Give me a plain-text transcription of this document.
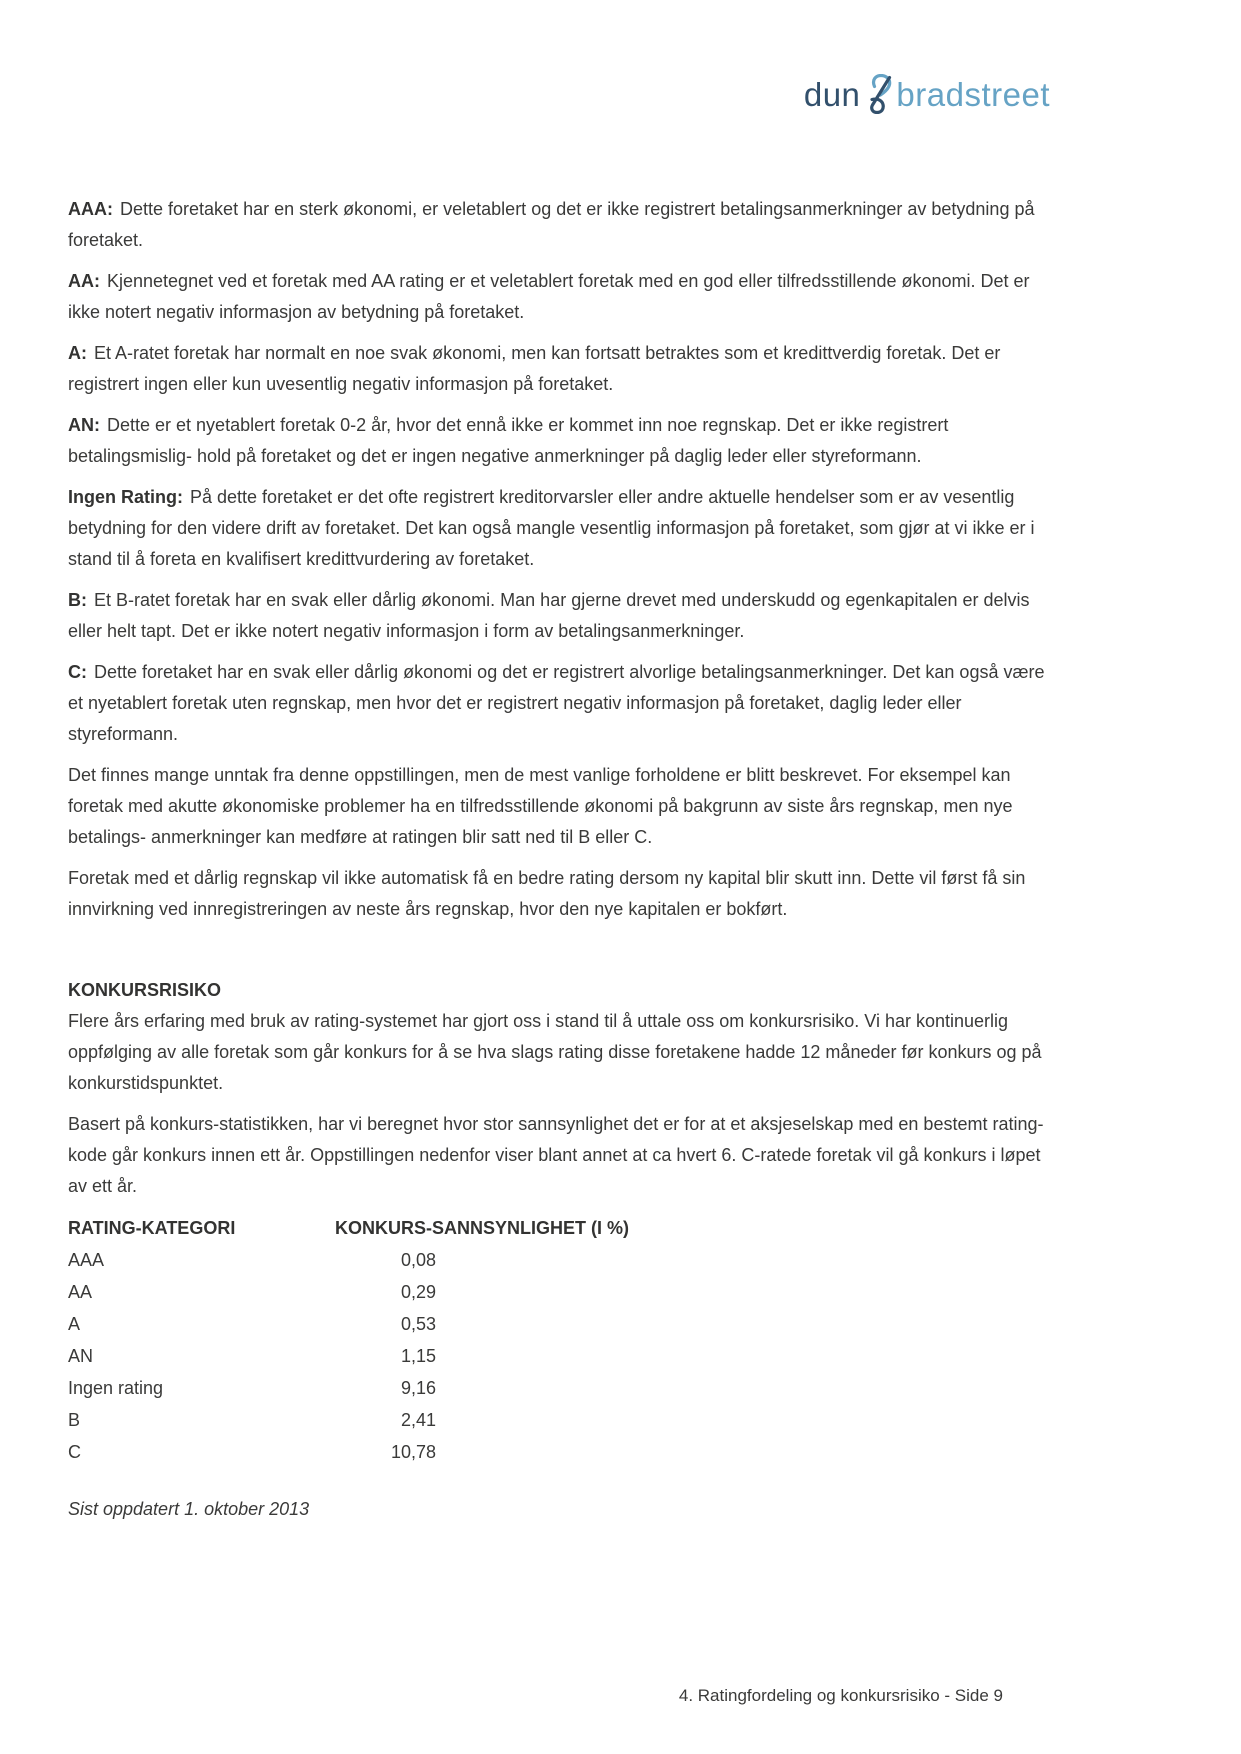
dun bradstreet

AAA: Dette foretaket har en sterk økonomi, er veletablert og det er ikke registrert betalingsanmerkninger av betydning på foretaket.

AA: Kjennetegnet ved et foretak med AA rating er et veletablert foretak med en god eller tilfredsstillende økonomi. Det er ikke notert negativ informasjon av betydning på foretaket.

A: Et A-ratet foretak har normalt en noe svak økonomi, men kan fortsatt betraktes som et kredittverdig foretak. Det er registrert ingen eller kun uvesentlig negativ informasjon på foretaket.

AN: Dette er et nyetablert foretak 0-2 år, hvor det ennå ikke er kommet inn noe regnskap. Det er ikke registrert betalingsmislig- hold på foretaket og det er ingen negative anmerkninger på daglig leder eller styreformann.

Ingen Rating: På dette foretaket er det ofte registrert kreditorvarsler eller andre aktuelle hendelser som er av vesentlig betydning for den videre drift av foretaket. Det kan også mangle vesentlig informasjon på foretaket, som gjør at vi ikke er i stand til å foreta en kvalifisert kredittvurdering av foretaket.

B: Et B-ratet foretak har en svak eller dårlig økonomi. Man har gjerne drevet med underskudd og egenkapitalen er delvis eller helt tapt. Det er ikke notert negativ informasjon i form av betalingsanmerkninger.

C: Dette foretaket har en svak eller dårlig økonomi og det er registrert alvorlige betalingsanmerkninger. Det kan også være et nyetablert foretak uten regnskap, men hvor det er registrert negativ informasjon på foretaket, daglig leder eller styreformann.

Det finnes mange unntak fra denne oppstillingen, men de mest vanlige forholdene er blitt beskrevet. For eksempel kan foretak med akutte økonomiske problemer ha en tilfredsstillende økonomi på bakgrunn av siste års regnskap, men nye betalings- anmerkninger kan medføre at ratingen blir satt ned til B eller C.

Foretak med et dårlig regnskap vil ikke automatisk få en bedre rating dersom ny kapital blir skutt inn. Dette vil først få sin innvirkning ved innregistreringen av neste års regnskap, hvor den nye kapitalen er bokført.

KONKURSRISIKO

Flere års erfaring med bruk av rating-systemet har gjort oss i stand til å uttale oss om konkursrisiko. Vi har kontinuerlig oppfølging av alle foretak som går konkurs for å se hva slags rating disse foretakene hadde 12 måneder før konkurs og på konkurstidspunktet.

Basert på konkurs-statistikken, har vi beregnet hvor stor sannsynlighet det er for at et aksjeselskap med en bestemt rating-kode går konkurs innen ett år. Oppstillingen nedenfor viser blant annet at ca hvert 6. C-ratede foretak vil gå konkurs i løpet av ett år.

RATING-KATEGORI	KONKURS-SANNSYNLIGHET (I %)
AAA	0,08
AA	0,29
A	0,53
AN	1,15
Ingen rating	9,16
B	2,41
C	10,78
Sist oppdatert 1. oktober 2013
4. Ratingfordeling og konkursrisiko - Side 9
